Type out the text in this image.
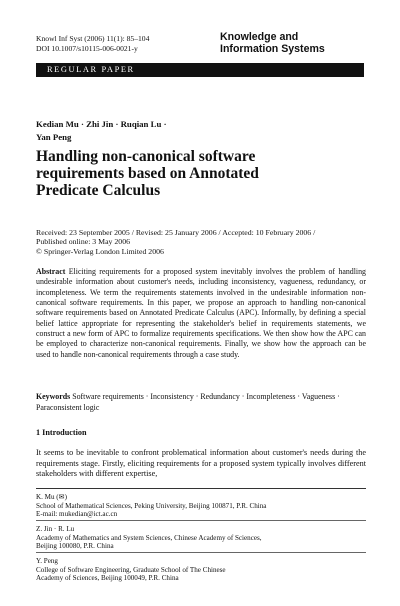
Knowl Inf Syst (2006) 11(1): 85–104
DOI 10.1007/s10115-006-0021-y
Knowledge and
Information Systems
REGULAR PAPER
Kedian Mu · Zhi Jin · Ruqian Lu ·
Yan Peng
Handling non-canonical software
requirements based on Annotated
Predicate Calculus
Received: 23 September 2005 / Revised: 25 January 2006 / Accepted: 10 February 2006 /
Published online: 3 May 2006
© Springer-Verlag London Limited 2006
Abstract Eliciting requirements for a proposed system inevitably involves the problem of handling undesirable information about customer's needs, including inconsistency, vagueness, redundancy, or incompleteness. We term the requirements statements involved in the undesirable information non-canonical software requirements. In this paper, we propose an approach to handling non-canonical software requirements based on Annotated Predicate Calculus (APC). Informally, by defining a special belief lattice appropriate for representing the stakeholder's belief in requirements statements, we construct a new form of APC to formalize requirements specifications. We then show how the APC can be employed to characterize non-canonical requirements. Finally, we show how the approach can be used to handle non-canonical requirements through a case study.
Keywords Software requirements · Inconsistency · Redundancy · Incompleteness · Vagueness · Paraconsistent logic
1 Introduction
It seems to be inevitable to confront problematical information about customer's needs during the requirements stage. Firstly, eliciting requirements for a proposed system typically involves different stakeholders with different expertise,
K. Mu (✉)
School of Mathematical Sciences, Peking University, Beijing 100871, P.R. China
E-mail: mukedian@ict.ac.cn
Z. Jin · R. Lu
Academy of Mathematics and System Sciences, Chinese Academy of Sciences,
Beijing 100080, P.R. China
Y. Peng
College of Software Engineering, Graduate School of The Chinese
Academy of Sciences, Beijing 100049, P.R. China
